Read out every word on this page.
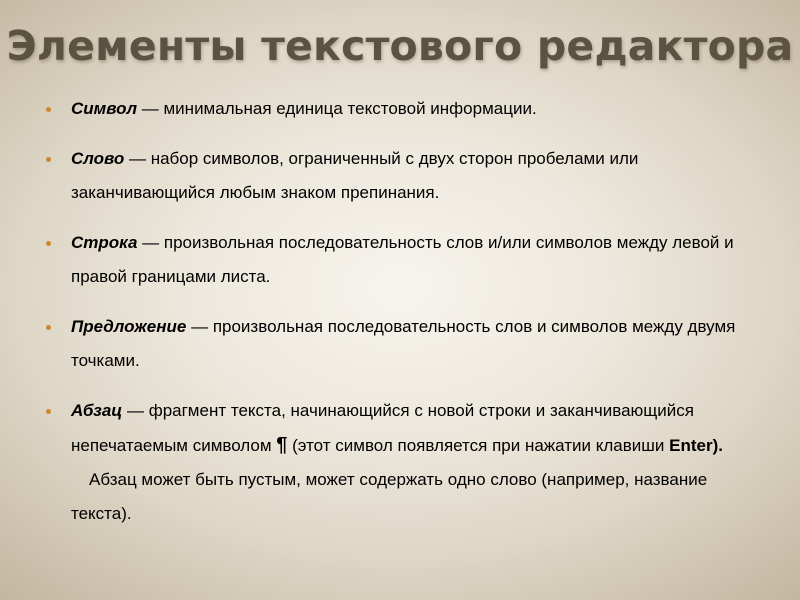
Элементы текстового редактора
Символ — минимальная единица текстовой информации.
Слово — набор символов, ограниченный с двух сторон пробелами или заканчивающийся любым знаком препинания.
Строка — произвольная последовательность слов и/или символов между левой и правой границами листа.
Предложение — произвольная последовательность слов и символов между двумя точками.
Абзац — фрагмент текста, начинающийся с новой строки и заканчивающийся непечатаемым символом ¶ (этот символ появляется при нажатии клавиши Enter).
Абзац может быть пустым, может содержать одно слово (например, название текста).
